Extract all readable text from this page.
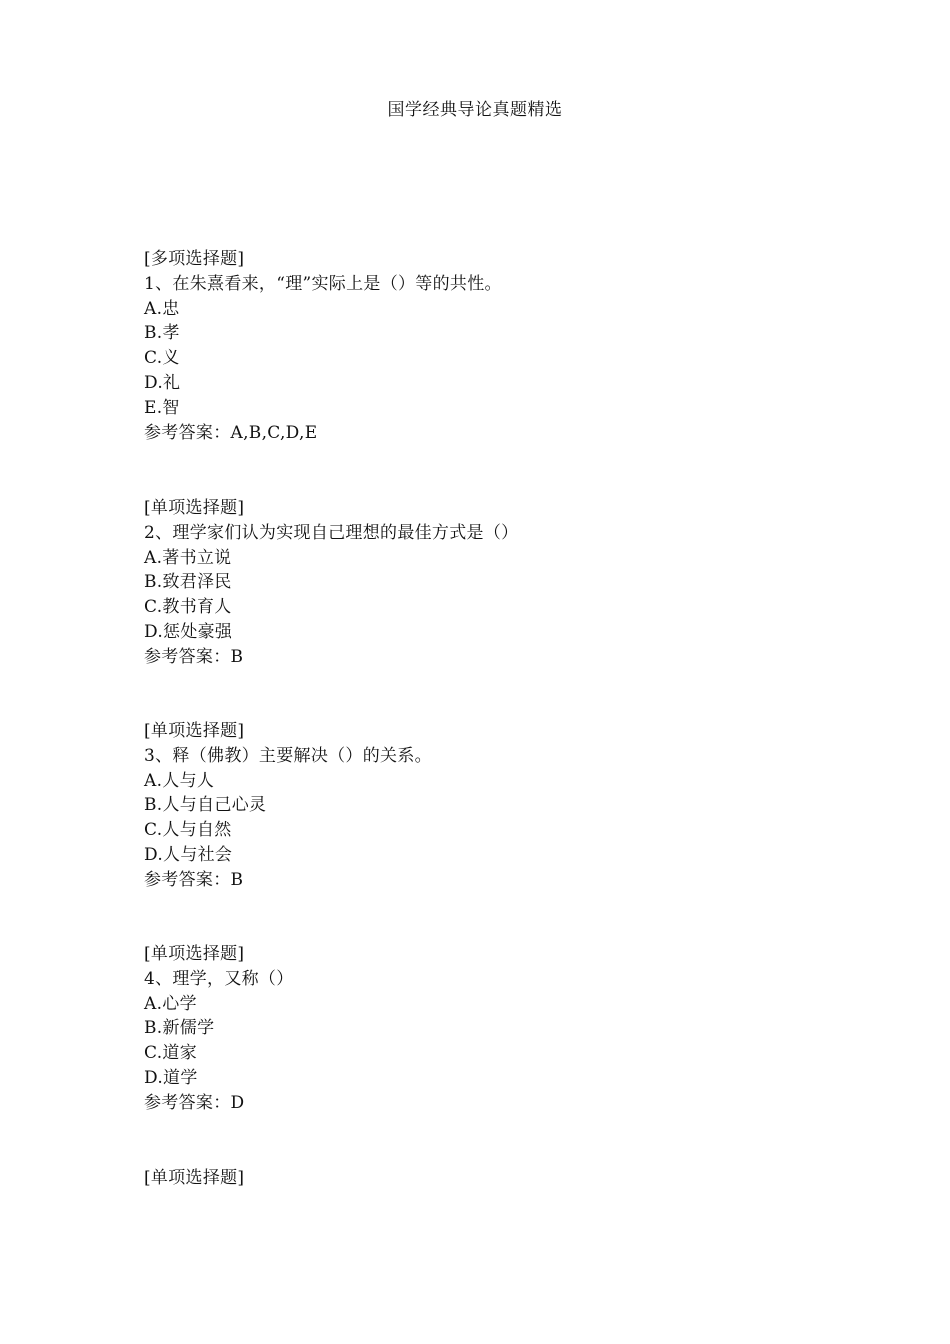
国学经典导论真题精选
[多项选择题]
1、在朱熹看来，“理”实际上是（）等的共性。
A.忠
B.孝
C.义
D.礼
E.智
参考答案：A,B,C,D,E
[单项选择题]
2、理学家们认为实现自己理想的最佳方式是（）
A.著书立说
B.致君泽民
C.教书育人
D.惩处豪强
参考答案：B
[单项选择题]
3、释（佛教）主要解决（）的关系。
A.人与人
B.人与自己心灵
C.人与自然
D.人与社会
参考答案：B
[单项选择题]
4、理学，又称（）
A.心学
B.新儒学
C.道家
D.道学
参考答案：D
[单项选择题]
